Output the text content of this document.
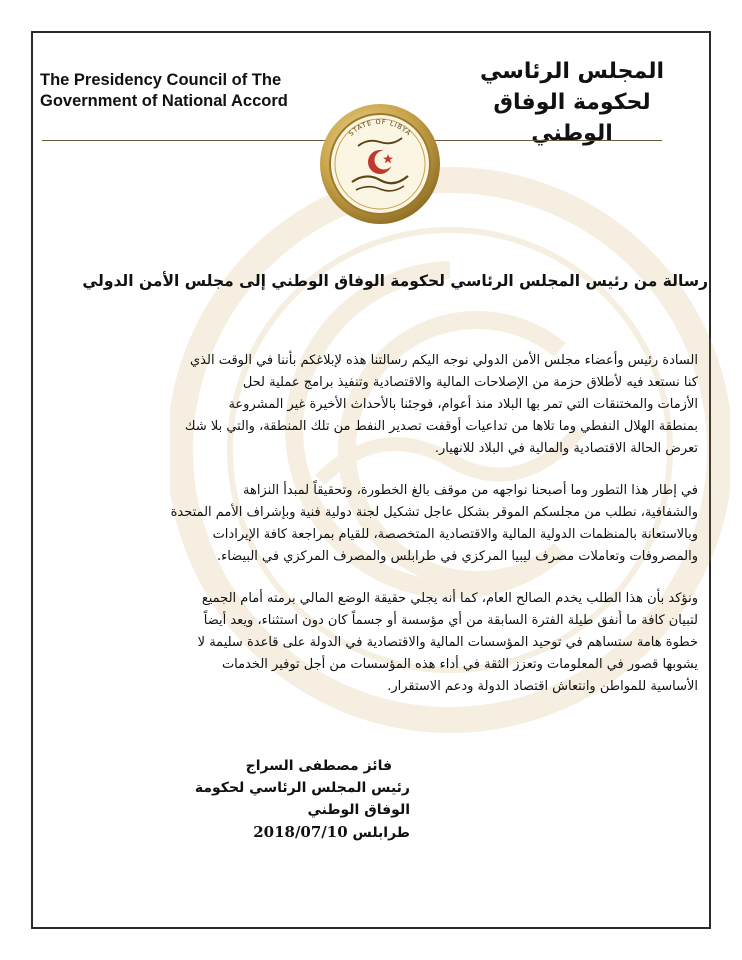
The Presidency Council of The
Government of National Accord
المجلس الرئاسي
لحكومة الوفاق الوطني
STATE OF LIBYA
رسالة من رئيس المجلس الرئاسي لحكومة الوفاق الوطني إلى مجلس الأمن الدولي
السادة رئيس وأعضاء مجلس الأمن الدولي نوجه اليكم رسالتنا هذه لإبلاغكم بأننا في الوقت الذي
كنا نستعد فيه لأطلاق حزمة من الإصلاحات المالية والاقتصادية وتنفيذ برامج عملية لحل
الأزمات والمختنقات التي تمر بها البلاد منذ أعوام، فوجئنا بالأحداث الأخيرة غير المشروعة
بمنطقة الهلال النفطي وما تلاها من تداعيات أوقفت تصدير النفط من تلك المنطقة، والتي بلا شك
تعرض الحالة الاقتصادية والمالية في البلاد للانهيار.
في إطار هذا التطور وما أصبحنا نواجهه من موقف بالغ الخطورة، وتحقيقاً لمبدأ النزاهة
والشفافية، نطلب من مجلسكم الموقر بشكل عاجل تشكيل لجنة دولية فنية وبإشراف الأمم المتحدة
وبالاستعانة بالمنظمات الدولية المالية والاقتصادية المتخصصة، للقيام بمراجعة كافة الإيرادات
والمصروفات وتعاملات مصرف ليبيا المركزي في طرابلس والمصرف المركزي في البيضاء.
ونؤكد بأن هذا الطلب يخدم الصالح العام، كما أنه يجلي حقيقة الوضع المالي برمته أمام الجميع
لتبيان كافة ما أُنفق طيلة الفترة السابقة من أي مؤسسة أو جسماً كان دون استثناء، ويعد أيضاً
خطوة هامة ستساهم في توحيد المؤسسات المالية والاقتصادية في الدولة على قاعدة سليمة لا
يشوبها قصور في المعلومات وتعزز الثقة في أداء هذه المؤسسات من أجل توفير الخدمات
الأساسية للمواطن وانتعاش اقتصاد الدولة ودعم الاستقرار.
فائز مصطفى السراج
رئيس المجلس الرئاسي لحكومة الوفاق الوطني
طرابلس 2018/07/10
